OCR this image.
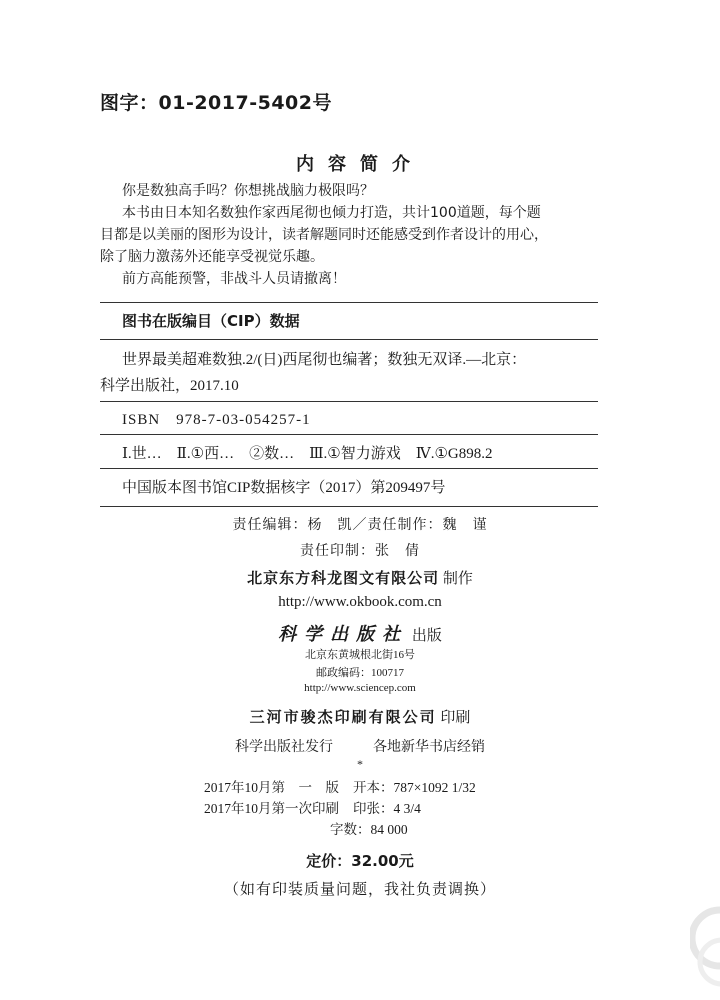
图字：01-2017-5402号
内容简介
你是数独高手吗？你想挑战脑力极限吗？
本书由日本知名数独作家西尾彻也倾力打造，共计100道题，每个题
目都是以美丽的图形为设计，读者解题同时还能感受到作者设计的用心，
除了脑力激荡外还能享受视觉乐趣。
前方高能预警，非战斗人员请撤离！
图书在版编目（CIP）数据
世界最美超难数独.2/(日)西尾彻也编著；数独无双译.—北京：
科学出版社，2017.10
ISBN　978-7-03-054257-1
Ⅰ.世…　Ⅱ.①西…　②数…　Ⅲ.①智力游戏　Ⅳ.①G898.2
中国版本图书馆CIP数据核字（2017）第209497号
责任编辑：杨　凯／责任制作：魏　谨
责任印制：张　倩
北京东方科龙图文有限公司 制作
http://www.okbook.com.cn
科学出版社 出版
北京东黄城根北街16号
邮政编码：100717
http://www.sciencep.com
三河市骏杰印刷有限公司 印刷
科学出版社发行	各地新华书店经销
*
2017年10月第　一　版 开本：787×1092 1/32
2017年10月第一次印刷 印张：4 3/4
字数：84 000
定价：32.00元
（如有印装质量问题，我社负责调换）
